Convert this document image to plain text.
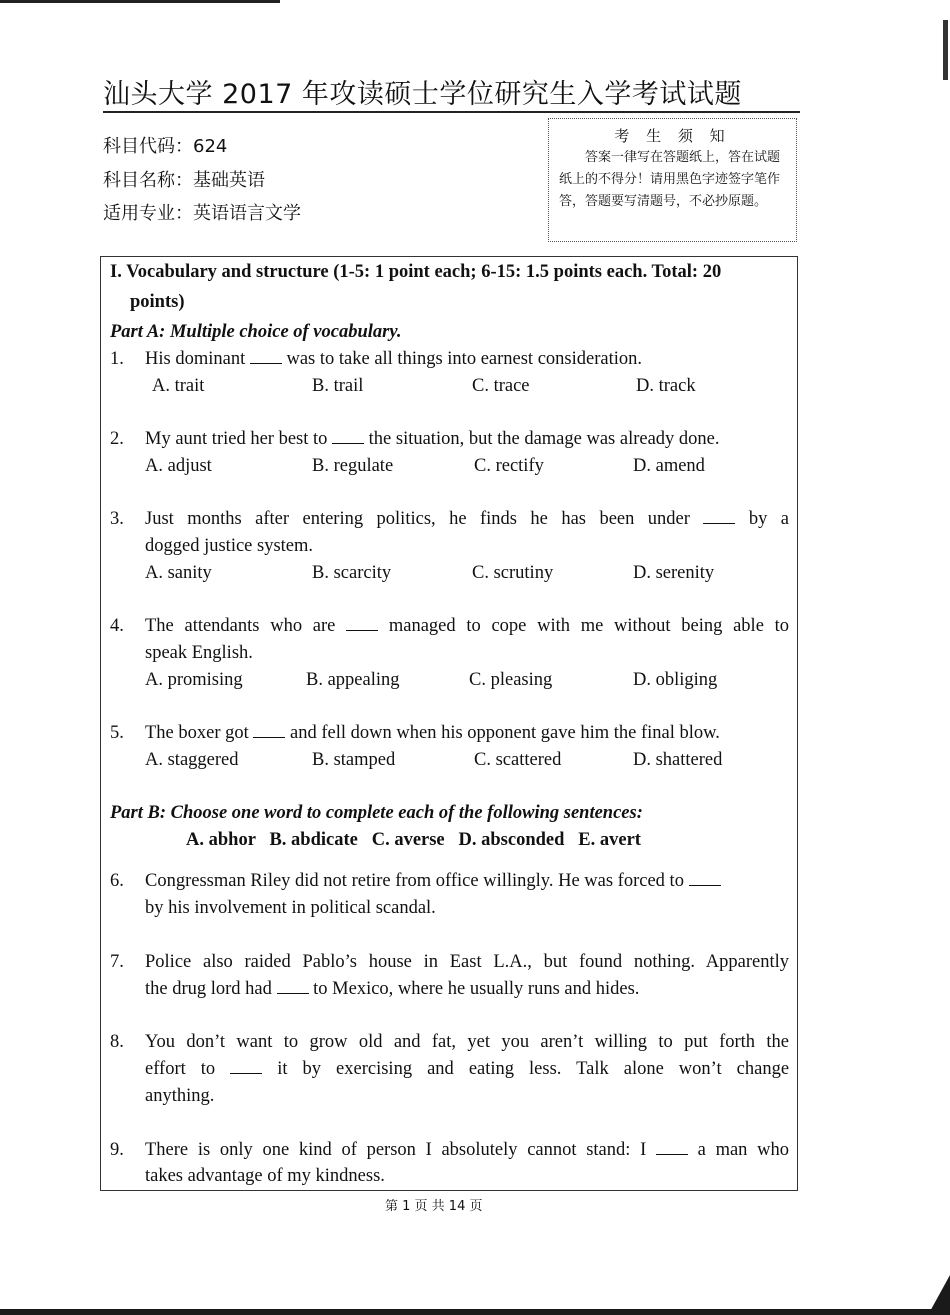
汕头大学 2017 年攻读硕士学位研究生入学考试试题
科目代码：624
科目名称：基础英语
适用专业：英语语言文学
考 生 须 知
答案一律写在答题纸上，答在试题纸上的不得分！请用黑色字迹签字笔作答，答题要写清题号，不必抄原题。
I. Vocabulary and structure (1-5: 1 point each; 6-15: 1.5 points each. Total: 20
points)
Part A: Multiple choice of vocabulary.
1. His dominant was to take all things into earnest consideration.
A. trait	B. trail	C. trace	D. track
2. My aunt tried her best to the situation, but the damage was already done.
A. adjust	B. regulate	C. rectify	D. amend
3. Just months after entering politics, he finds he has been under	by a
dogged justice system.
A. sanity	B. scarcity	C. scrutiny	D. serenity
4. The attendants who are	managed to cope with me without being able to
speak English.
A. promising	B. appealing	C. pleasing	D. obliging
5. The boxer got and fell down when his opponent gave him the final blow.
A. staggered	B. stamped	C. scattered	D. shattered
Part B: Choose one word to complete each of the following sentences:
A. abhor   B. abdicate   C. averse   D. absconded   E. avert
6. Congressman Riley did not retire from office willingly. He was forced to
by his involvement in political scandal.
7. Police also raided Pablo’s house in East L.A., but found nothing. Apparently
the drug lord had to Mexico, where he usually runs and hides.
8. You don’t want to grow old and fat, yet you aren’t willing to put forth the
effort to	it by exercising and eating less. Talk alone won’t change
anything.
9. There is only one kind of person I absolutely cannot stand: I	a man who
takes advantage of my kindness.
第 1 页 共 14 页
